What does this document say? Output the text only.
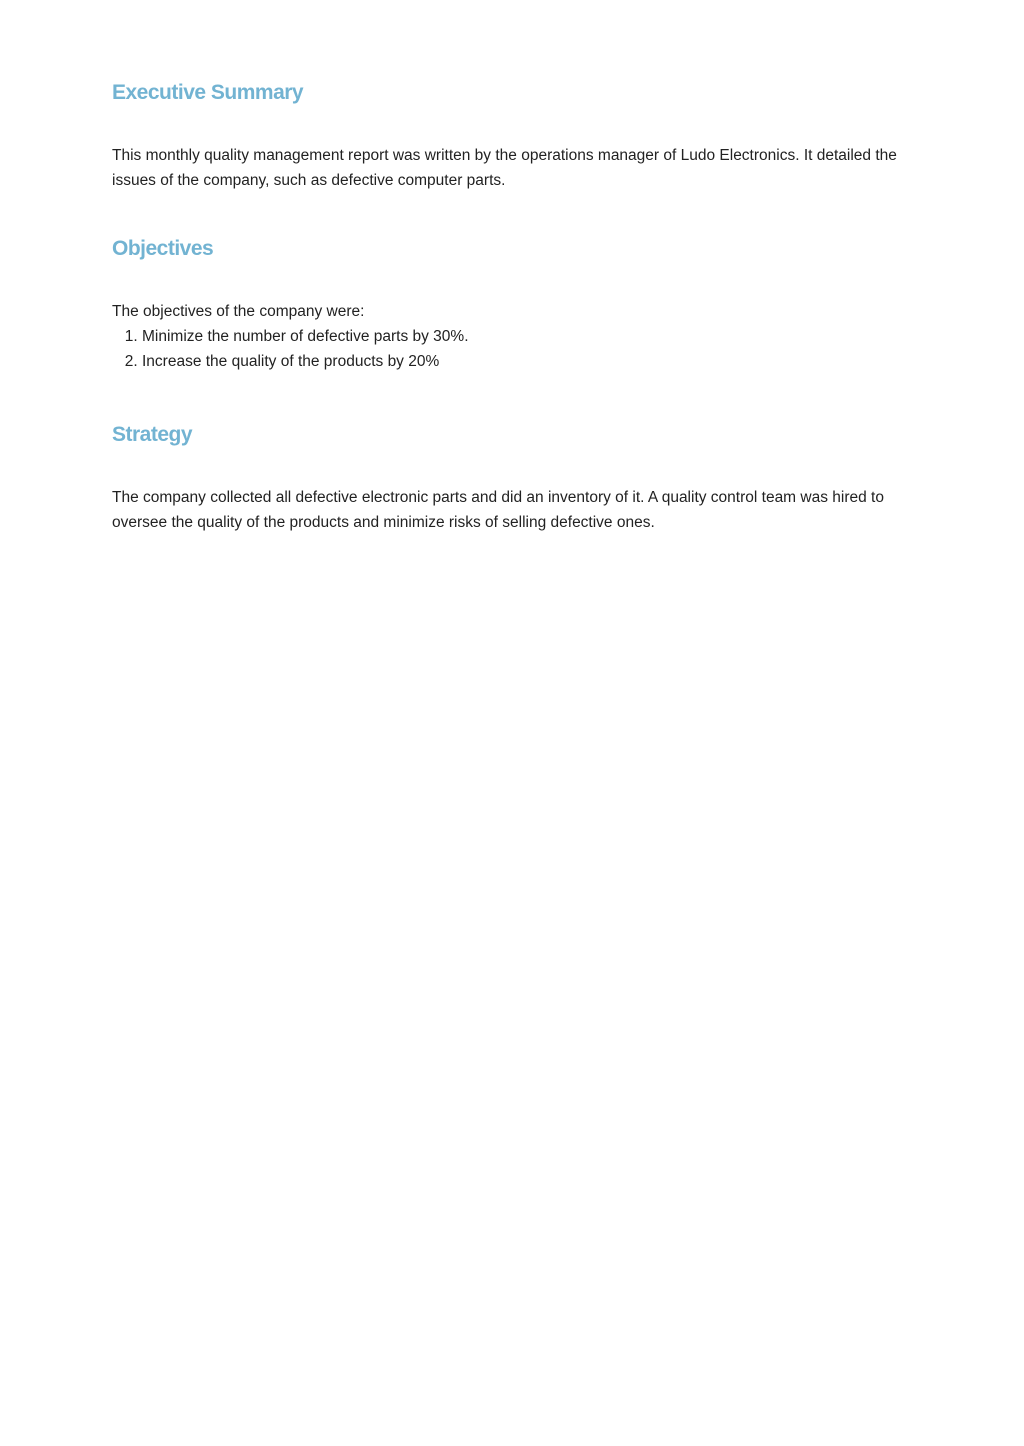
Executive Summary

This monthly quality management report was written by the operations manager of Ludo Electronics. It detailed the issues of the company, such as defective computer parts.

Objectives

The objectives of the company were:

1. Minimize the number of defective parts by 30%.
2. Increase the quality of the products by 20%
Strategy

The company collected all defective electronic parts and did an inventory of it. A quality control team was hired to oversee the quality of the products and minimize risks of selling defective ones.
